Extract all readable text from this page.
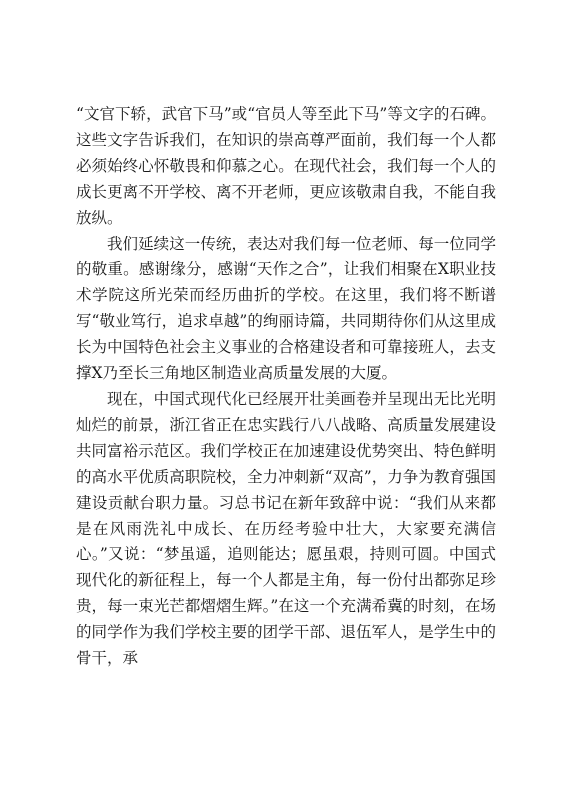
“文官下轿，武官下马”或“官员人等至此下马”等文字的石碑。这些文字告诉我们，在知识的崇高尊严面前，我们每一个人都必须始终心怀敬畏和仰慕之心。在现代社会，我们每一个人的成长更离不开学校、离不开老师，更应该敬肃自我，不能自我放纵。

我们延续这一传统，表达对我们每一位老师、每一位同学的敬重。感谢缘分，感谢“天作之合”，让我们相聚在X职业技术学院这所光荣而经历曲折的学校。在这里，我们将不断谱写“敬业笃行，追求卓越”的绚丽诗篇，共同期待你们从这里成长为中国特色社会主义事业的合格建设者和可靠接班人，去支撑X乃至长三角地区制造业高质量发展的大厦。

现在，中国式现代化已经展开壮美画卷并呈现出无比光明灿烂的前景，浙江省正在忠实践行八八战略、高质量发展建设共同富裕示范区。我们学校正在加速建设优势突出、特色鲜明的高水平优质高职院校，全力冲刺新“双高”，力争为教育强国建设贡献台职力量。习总书记在新年致辞中说：“我们从来都是在风雨洗礼中成长、在历经考验中壮大，大家要充满信心。”又说：“梦虽遥，追则能达；愿虽艰，持则可圆。中国式现代化的新征程上，每一个人都是主角，每一份付出都弥足珍贵，每一束光芒都熠熠生辉。”在这一个充满希冀的时刻，在场的同学作为我们学校主要的团学干部、退伍军人，是学生中的骨干，承
